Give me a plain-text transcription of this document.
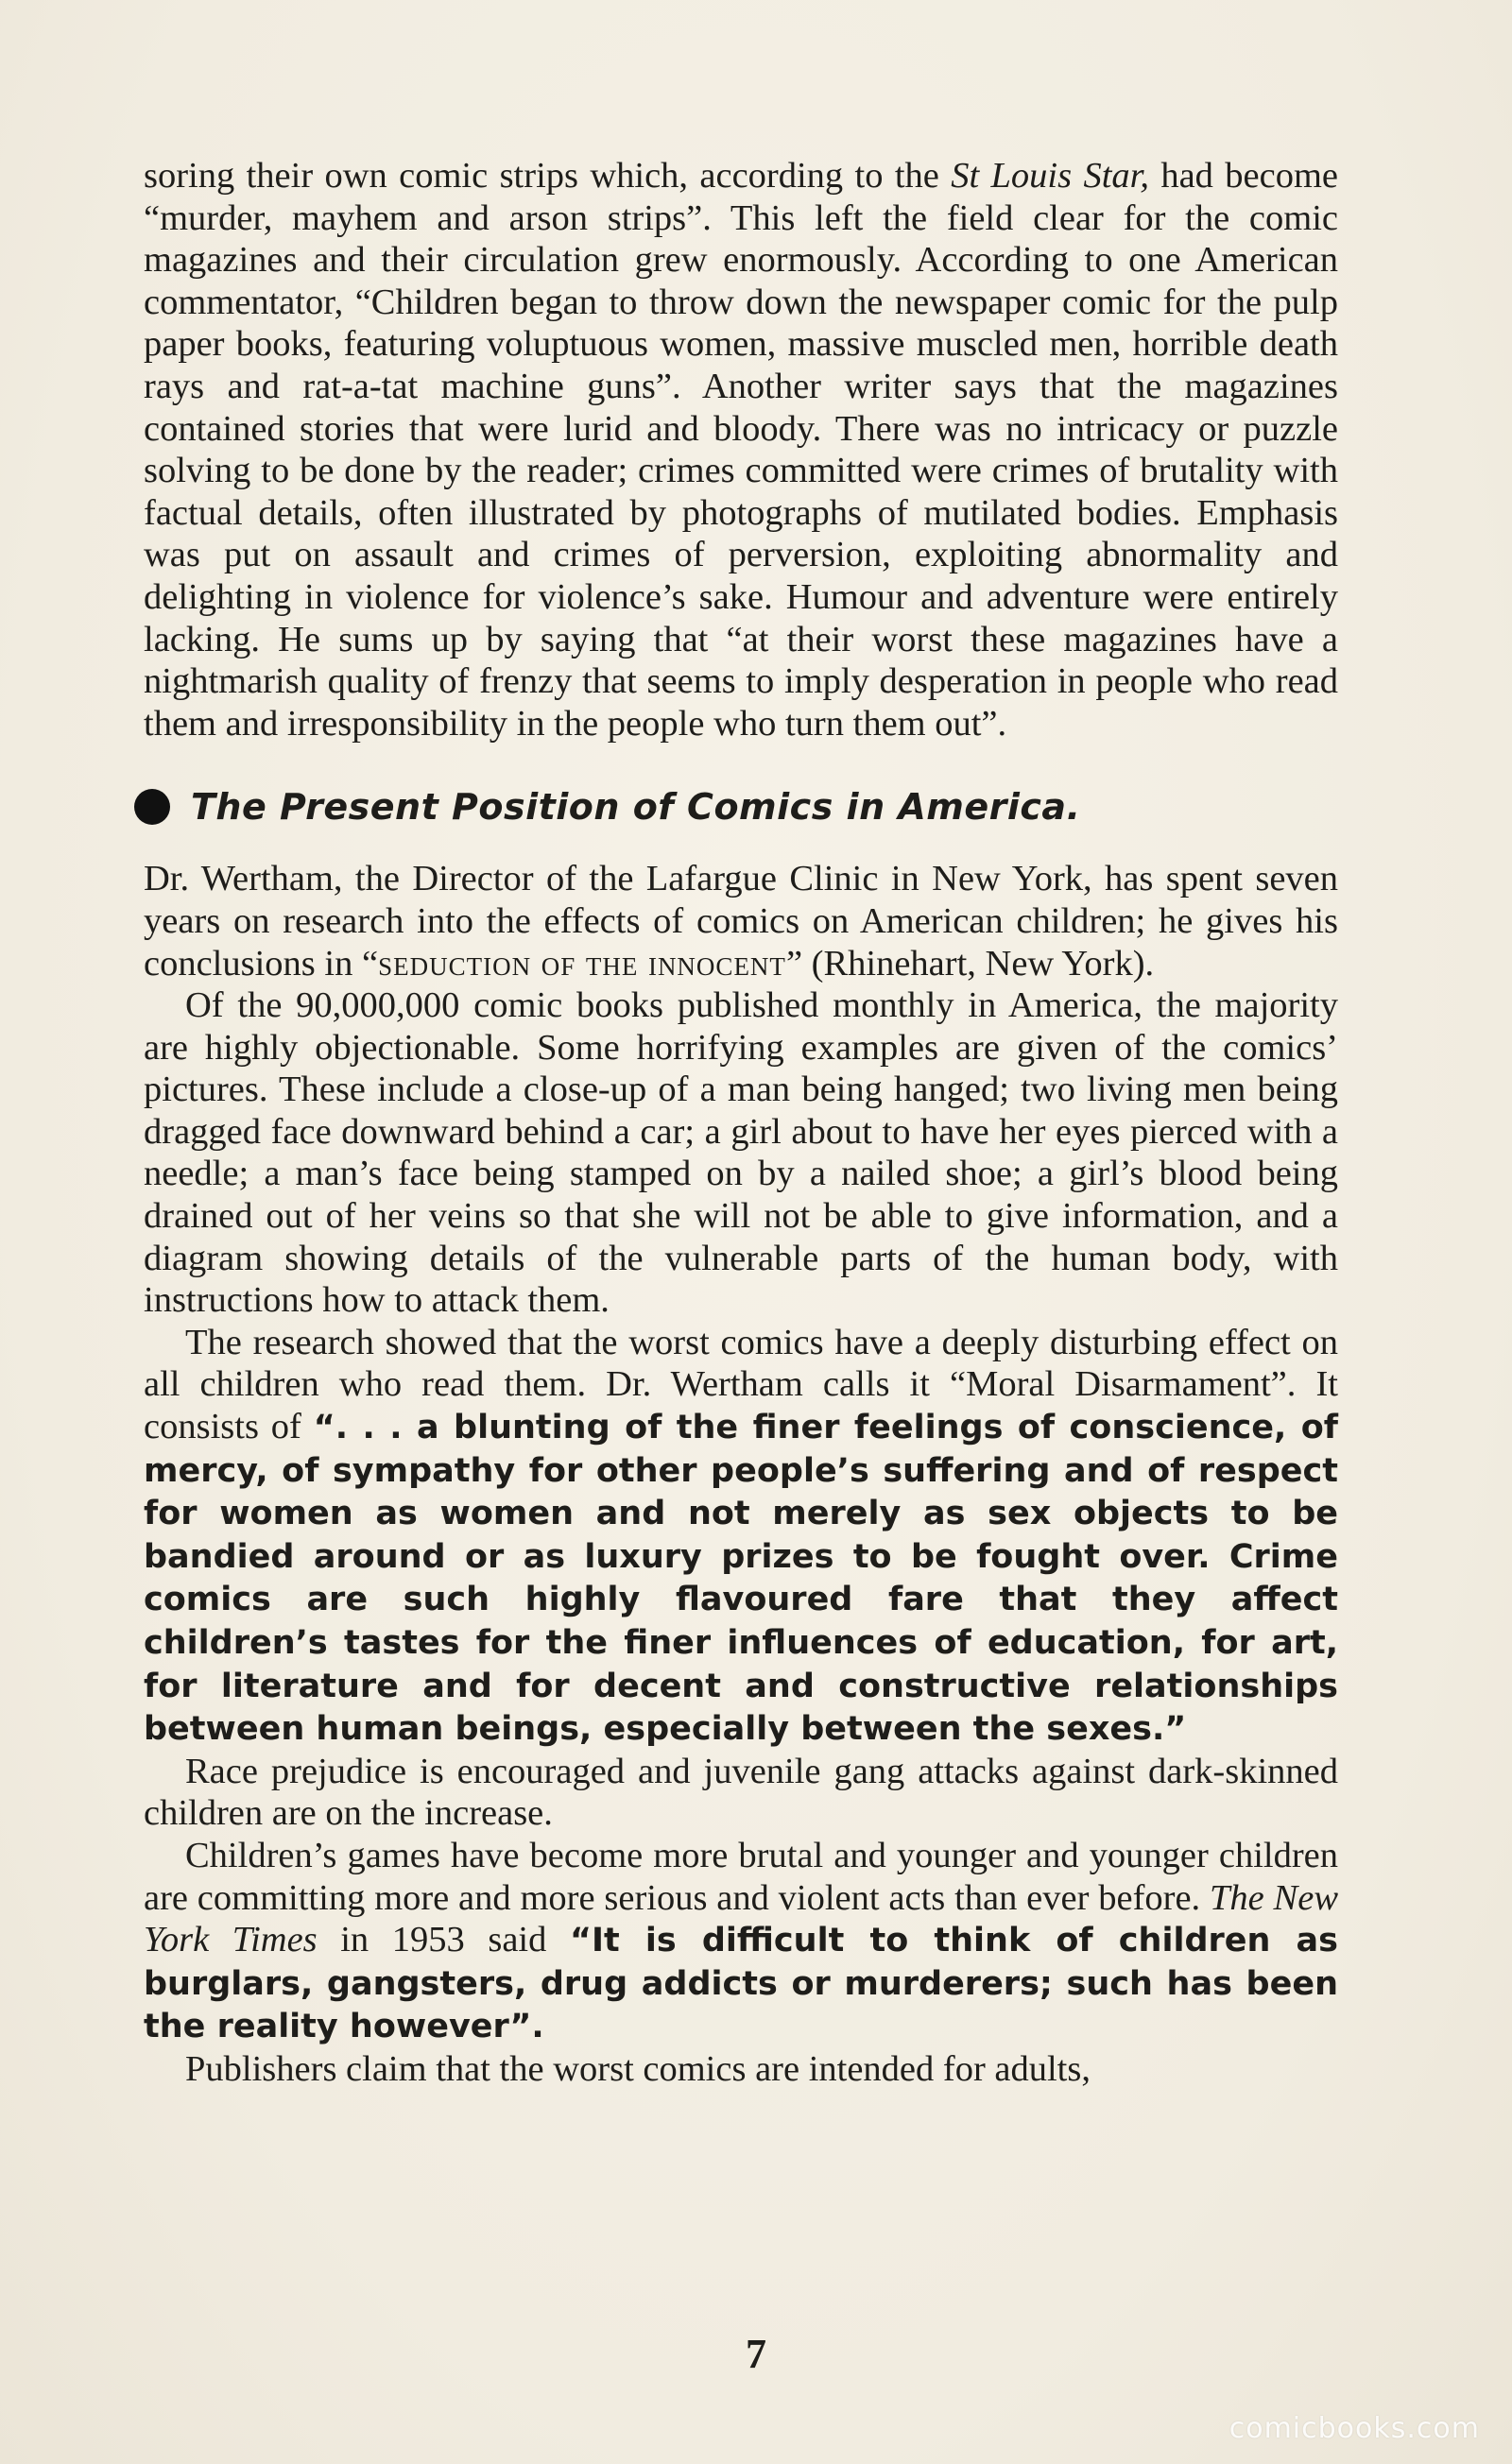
soring their own comic strips which, according to the St Louis Star, had become “murder, mayhem and arson strips”. This left the field clear for the comic magazines and their circulation grew enormously. According to one American commentator, “Children began to throw down the newspaper comic for the pulp paper books, featuring voluptuous women, massive muscled men, horrible death rays and rat-a-tat machine guns”. Another writer says that the magazines contained stories that were lurid and bloody. There was no intricacy or puzzle solving to be done by the reader; crimes committed were crimes of brutality with factual details, often illustrated by photographs of mutilated bodies. Emphasis was put on assault and crimes of perversion, exploiting abnormality and delighting in violence for violence’s sake. Humour and adventure were entirely lacking. He sums up by saying that “at their worst these magazines have a nightmarish quality of frenzy that seems to imply desperation in people who read them and irresponsibility in the people who turn them out”.

The Present Position of Comics in America.

Dr. Wertham, the Director of the Lafargue Clinic in New York, has spent seven years on research into the effects of comics on American children; he gives his conclusions in “seduction of the innocent” (Rhinehart, New York).

Of the 90,000,000 comic books published monthly in America, the majority are highly objectionable. Some horrifying examples are given of the comics’ pictures. These include a close-up of a man being hanged; two living men being dragged face downward behind a car; a girl about to have her eyes pierced with a needle; a man’s face being stamped on by a nailed shoe; a girl’s blood being drained out of her veins so that she will not be able to give information, and a diagram showing details of the vulnerable parts of the human body, with instructions how to attack them.

The research showed that the worst comics have a deeply disturbing effect on all children who read them. Dr. Wertham calls it “Moral Disarmament”. It consists of “. . . a blunting of the finer feelings of conscience, of mercy, of sympathy for other people’s suffering and of respect for women as women and not merely as sex objects to be bandied around or as luxury prizes to be fought over. Crime comics are such highly flavoured fare that they affect children’s tastes for the finer influences of education, for art, for literature and for decent and constructive relationships between human beings, especially between the sexes.”

Race prejudice is encouraged and juvenile gang attacks against dark-skinned children are on the increase.

Children’s games have become more brutal and younger and younger children are committing more and more serious and violent acts than ever before. The New York Times in 1953 said “It is difficult to think of children as burglars, gangsters, drug addicts or murderers; such has been the reality however”.

Publishers claim that the worst comics are intended for adults,

7
comicbooks.com
